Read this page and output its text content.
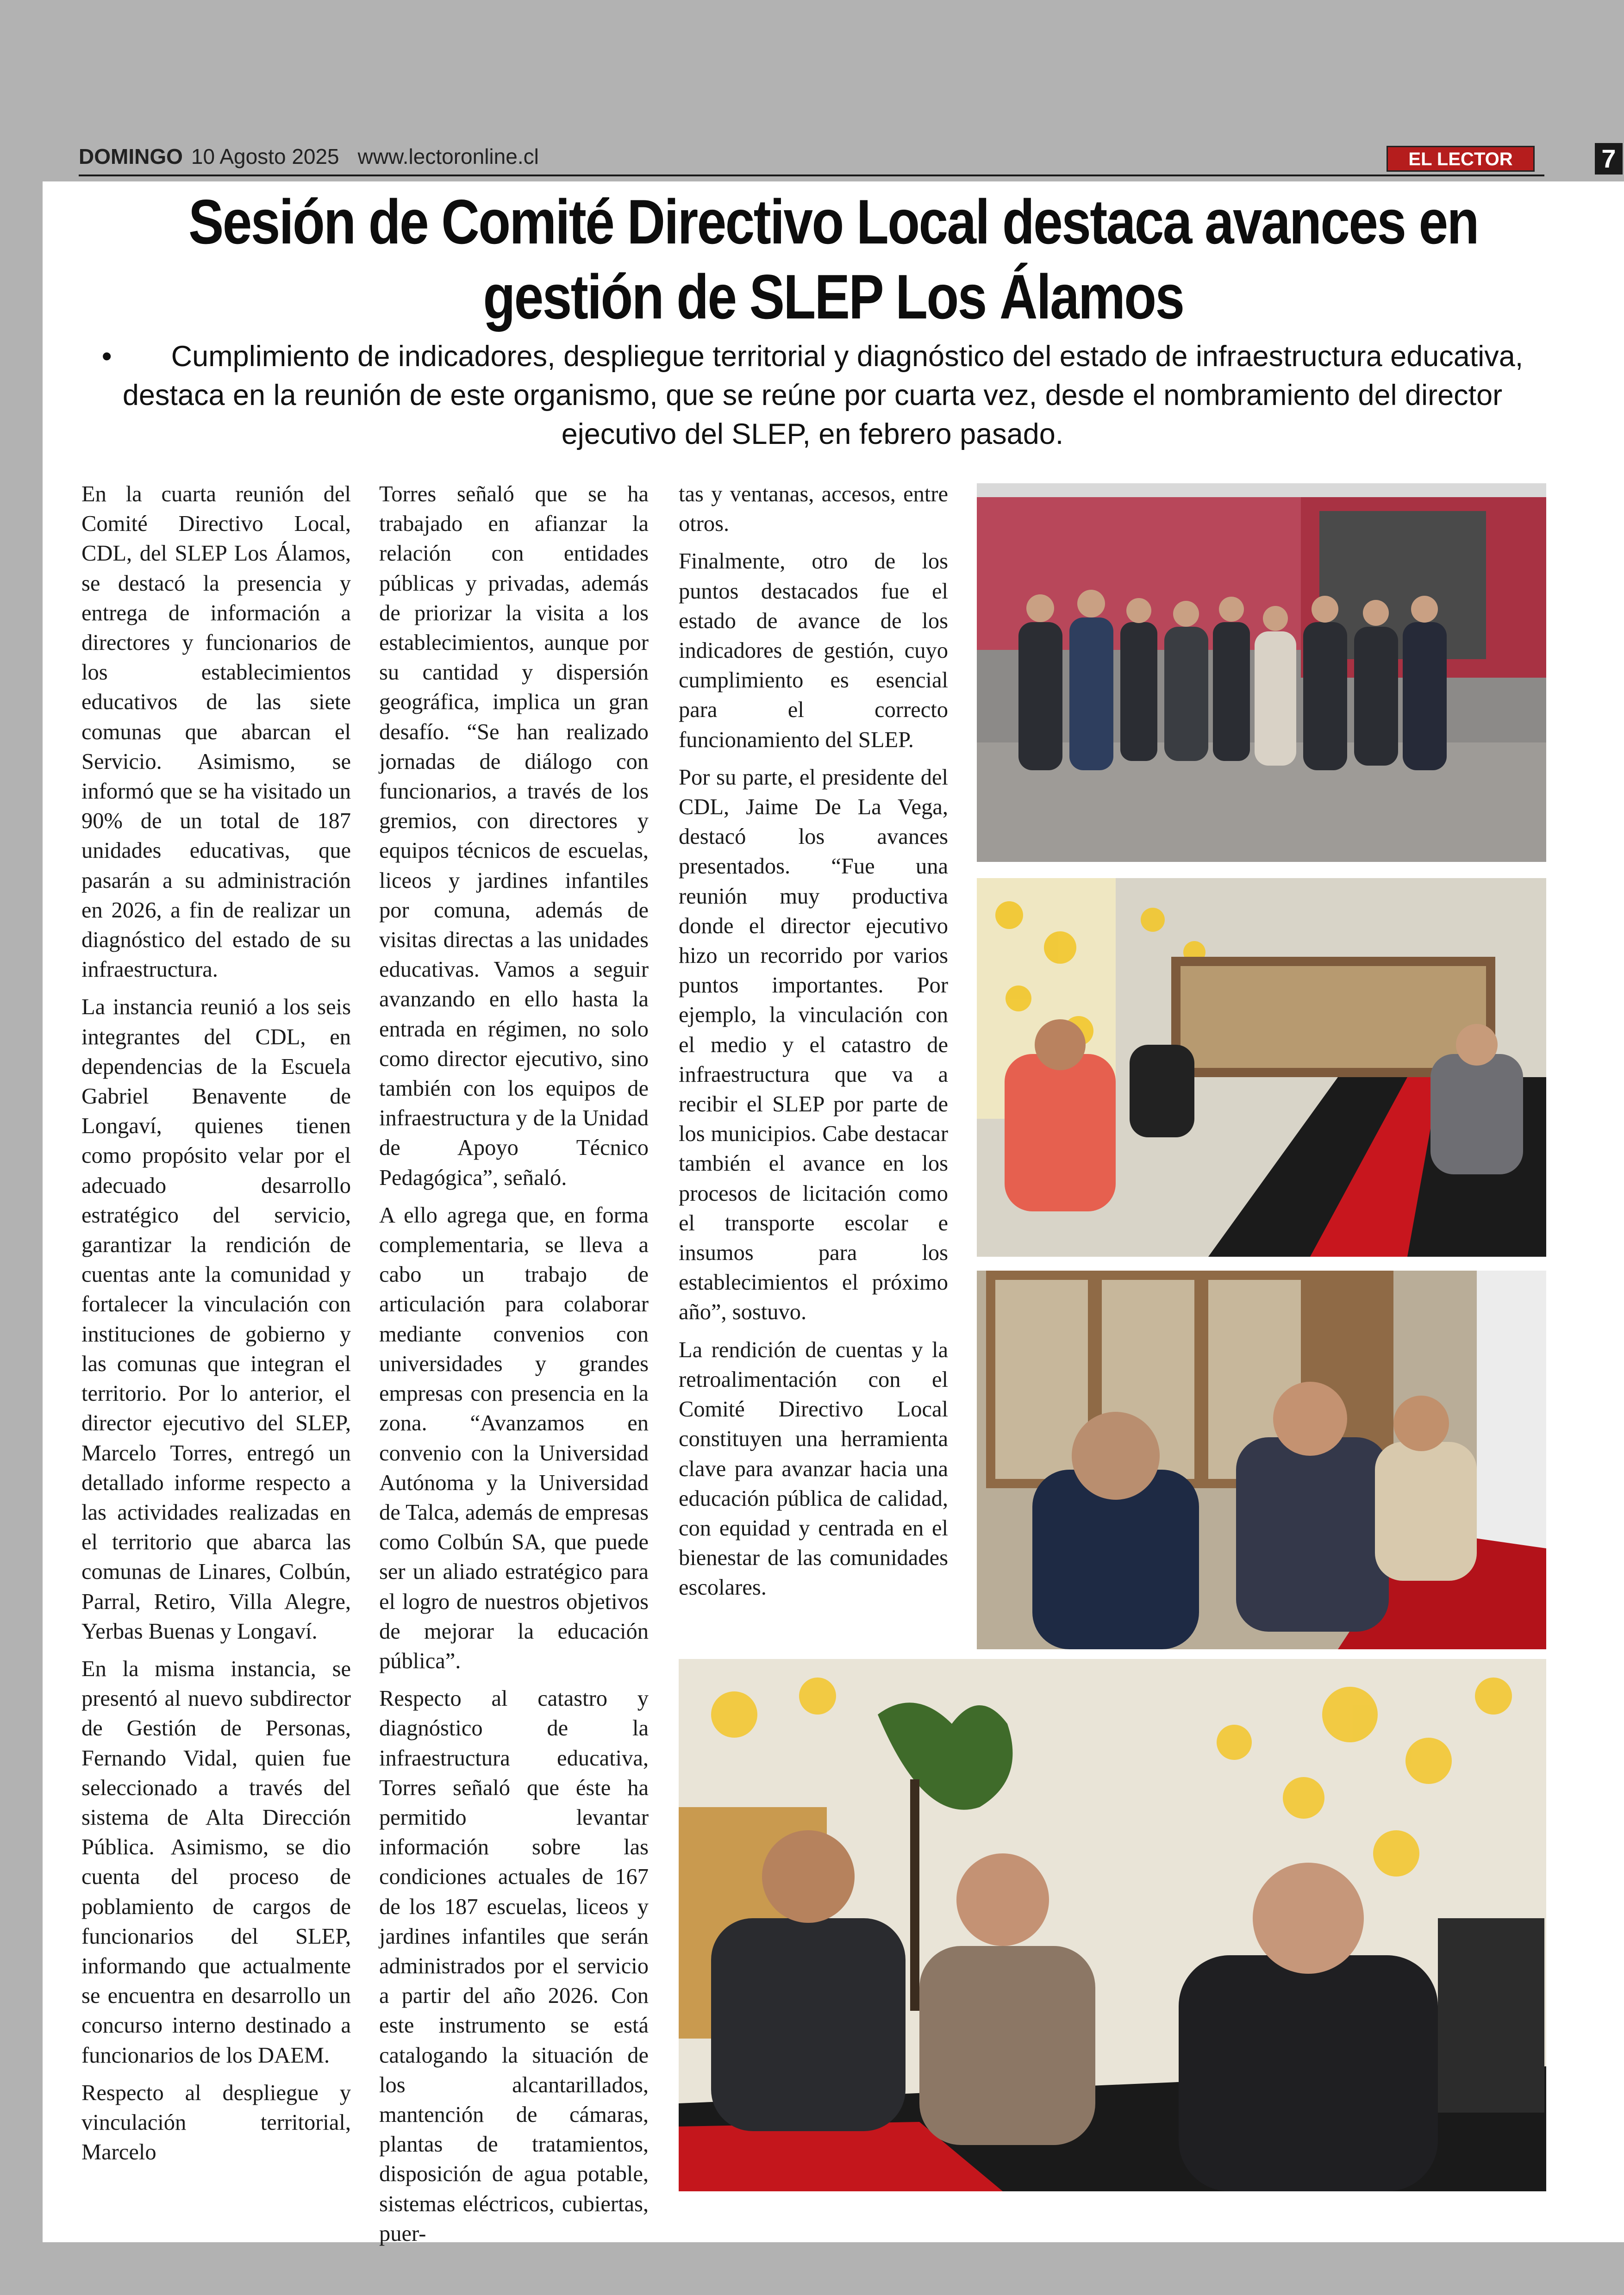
DOMINGO 10 Agosto 2025 www.lectoronline.cl	EL LECTOR	7
Sesión de Comité Directivo Local destaca avances en gestión de SLEP Los Álamos
• Cumplimiento de indicadores, despliegue territorial y diagnóstico del estado de infraestructura educativa, destaca en la reunión de este organismo, que se reúne por cuarta vez, desde el nombramiento del director ejecutivo del SLEP, en febrero pasado.

En la cuarta reunión del Comité Directivo Local, CDL, del SLEP Los Álamos, se destacó la presencia y entrega de información a directores y funcionarios de los establecimientos educativos de las siete comunas que abarcan el Servicio. Asimismo, se informó que se ha visitado un 90% de un total de 187 unidades educativas, que pasarán a su administración en 2026, a fin de realizar un diagnóstico del estado de su infraestructura.

La instancia reunió a los seis integrantes del CDL, en dependencias de la Escuela Gabriel Benavente de Longaví, quienes tienen como propósito velar por el adecuado desarrollo estratégico del servicio, garantizar la rendición de cuentas ante la comunidad y fortalecer la vinculación con instituciones de gobierno y las comunas que integran el territorio. Por lo anterior, el director ejecutivo del SLEP, Marcelo Torres, entregó un detallado informe respecto a las actividades realizadas en el territorio que abarca las comunas de Linares, Colbún, Parral, Retiro, Villa Alegre, Yerbas Buenas y Longaví.

En la misma instancia, se presentó al nuevo subdirector de Gestión de Personas, Fernando Vidal, quien fue seleccionado a través del sistema de Alta Dirección Pública. Asimismo, se dio cuenta del proceso de poblamiento de cargos de funcionarios del SLEP, informando que actualmente se encuentra en desarrollo un concurso interno destinado a funcionarios de los DAEM.

Respecto al despliegue y vinculación territorial, Marcelo

Torres señaló que se ha trabajado en afianzar la relación con entidades públicas y privadas, además de priorizar la visita a los establecimientos, aunque por su cantidad y dispersión geográfica, implica un gran desafío. “Se han realizado jornadas de diálogo con funcionarios, a través de los gremios, con directores y equipos técnicos de escuelas, liceos y jardines infantiles por comuna, además de visitas directas a las unidades educativas. Vamos a seguir avanzando en ello hasta la entrada en régimen, no solo como director ejecutivo, sino también con los equipos de infraestructura y de la Unidad de Apoyo Técnico Pedagógica”, señaló.

A ello agrega que, en forma complementaria, se lleva a cabo un trabajo de articulación para colaborar mediante convenios con universidades y grandes empresas con presencia en la zona. “Avanzamos en convenio con la Universidad Autónoma y la Universidad de Talca, además de empresas como Colbún SA, que puede ser un aliado estratégico para el logro de nuestros objetivos de mejorar la educación pública”.

Respecto al catastro y diagnóstico de la infraestructura educativa, Torres señaló que éste ha permitido levantar información sobre las condiciones actuales de 167 de los 187 escuelas, liceos y jardines infantiles que serán administrados por el servicio a partir del año 2026. Con este instrumento se está catalogando la situación de los alcantarillados, mantención de cámaras, plantas de tratamientos, disposición de agua potable, sistemas eléctricos, cubiertas, puer-

tas y ventanas, accesos, entre otros.

Finalmente, otro de los puntos destacados fue el estado de avance de los indicadores de gestión, cuyo cumplimiento es esencial para el correcto funcionamiento del SLEP.

Por su parte, el presidente del CDL, Jaime De La Vega, destacó los avances presentados. “Fue una reunión muy productiva donde el director ejecutivo hizo un recorrido por varios puntos importantes. Por ejemplo, la vinculación con el medio y el catastro de infraestructura que va a recibir el SLEP por parte de los municipios. Cabe destacar también el avance en los procesos de licitación como el transporte escolar e insumos para los establecimientos el próximo año”, sostuvo.

La rendición de cuentas y la retroalimentación con el Comité Directivo Local constituyen una herramienta clave para avanzar hacia una educación pública de calidad, con equidad y centrada en el bienestar de las comunidades escolares.
